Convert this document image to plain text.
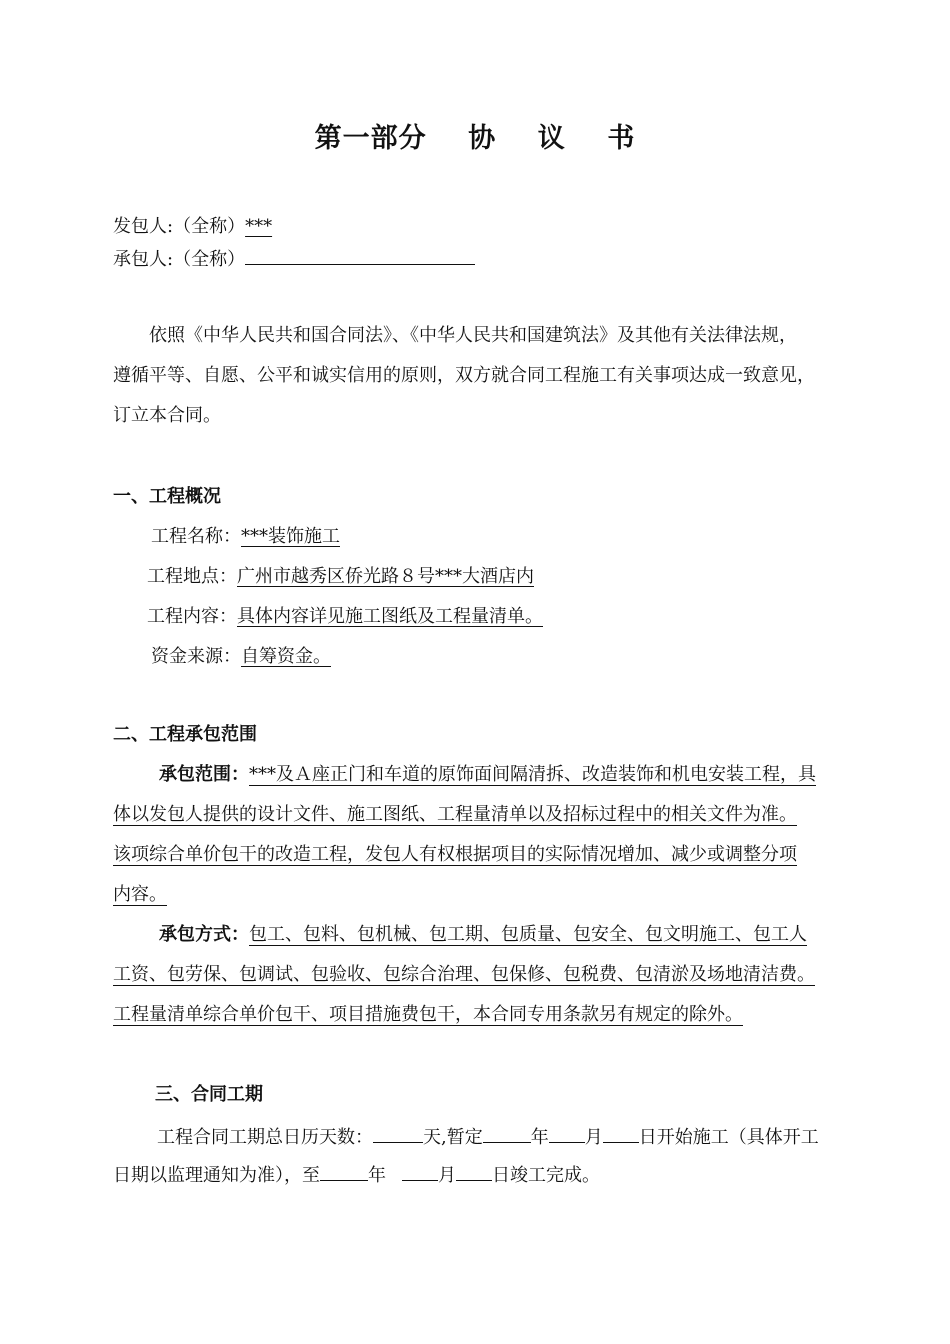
第一部分    协    议    书
发包人:（全称）***
承包人:（全称）
依照《中华人民共和国合同法》、《中华人民共和国建筑法》及其他有关法律法规，
遵循平等、自愿、公平和诚实信用的原则，双方就合同工程施工有关事项达成一致意见，
订立本合同。
一、工程概况
工程名称：***装饰施工
工程地点：广州市越秀区侨光路８号***大酒店内
工程内容：具体内容详见施工图纸及工程量清单。
资金来源：自筹资金。
二、工程承包范围
承包范围：***及Ａ座正门和车道的原饰面间隔清拆、改造装饰和机电安装工程，具
体以发包人提供的设计文件、施工图纸、工程量清单以及招标过程中的相关文件为准。
该项综合单价包干的改造工程，发包人有权根据项目的实际情况增加、减少或调整分项
内容。
承包方式：包工、包料、包机械、包工期、包质量、包安全、包文明施工、包工人
工资、包劳保、包调试、包验收、包综合治理、包保修、包税费、包清淤及场地清洁费。
工程量清单综合单价包干、项目措施费包干，本合同专用条款另有规定的除外。
三、合同工期
工程合同工期总日历天数：	天,暂定	年 月 日开始施工（具体开工
日期以监理通知为准），至	年	月 日竣工完成。
